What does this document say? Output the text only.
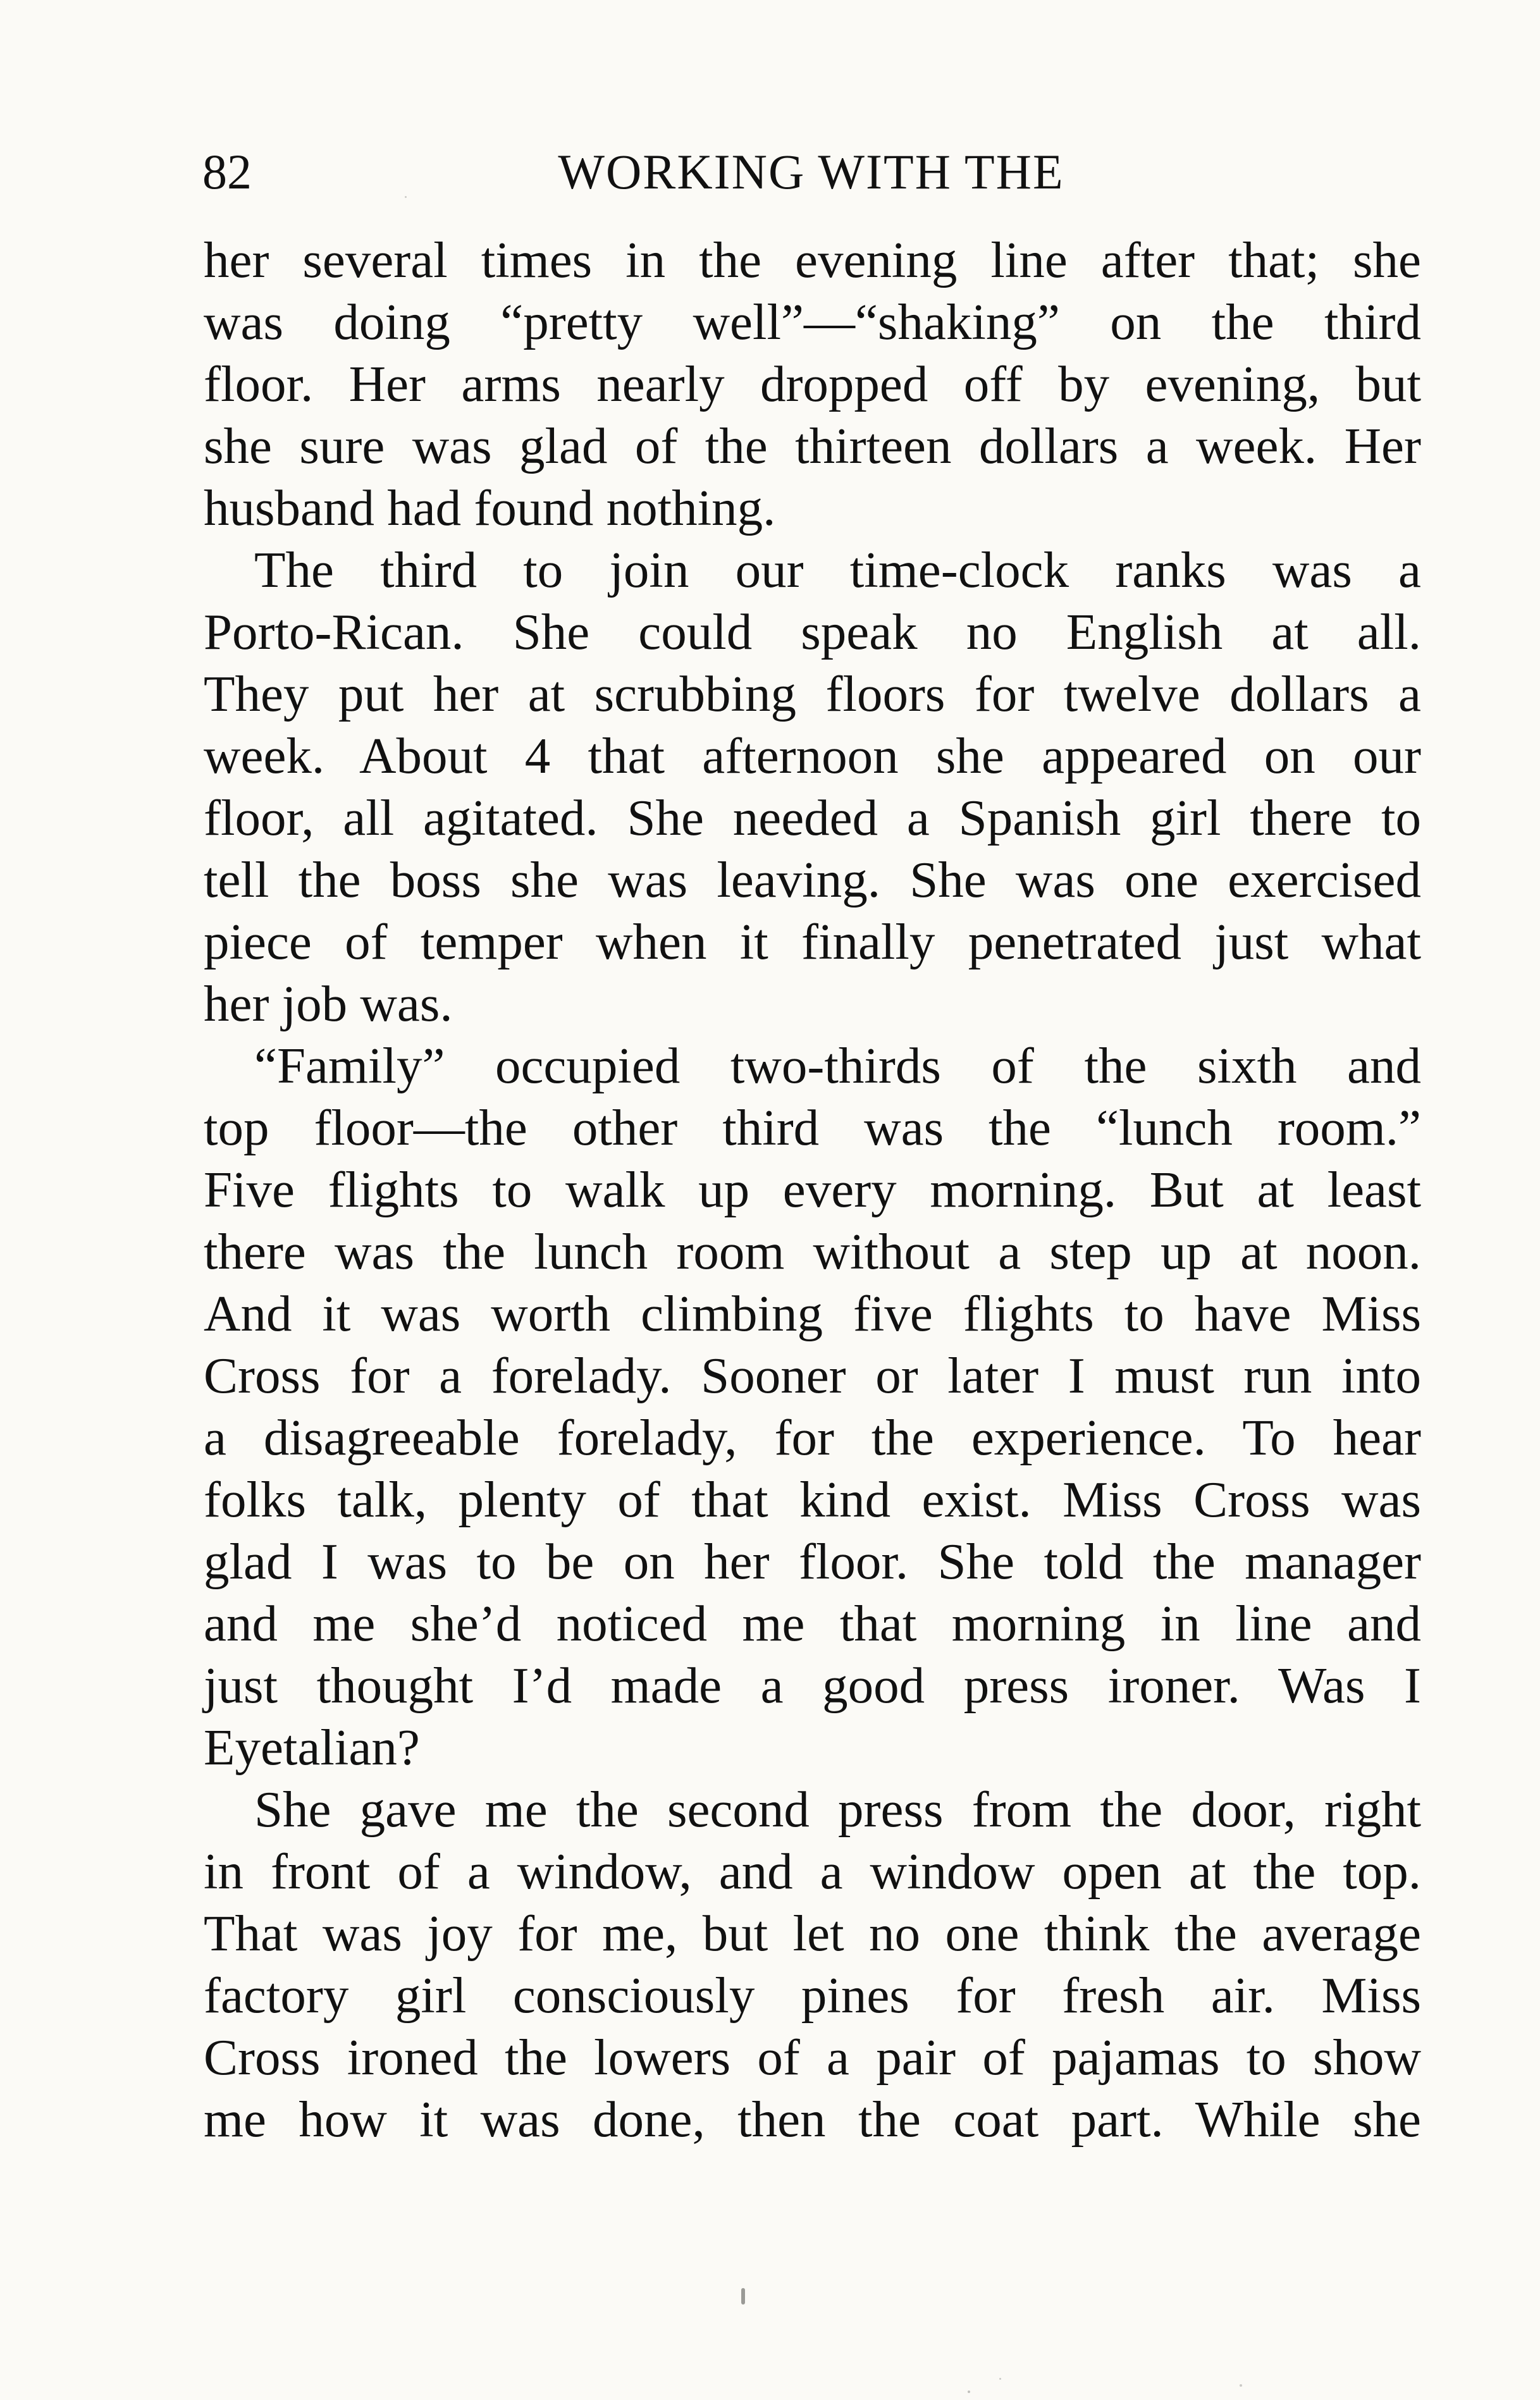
82	WORKING WITH THE
her several times in the evening line after that; she
was doing “pretty well”—“shaking” on the third
floor. Her arms nearly dropped off by evening, but
she sure was glad of the thirteen dollars a week. Her
husband had found nothing.
The third to join our time-clock ranks was a
Porto-Rican. She could speak no English at all.
They put her at scrubbing floors for twelve dollars a
week. About 4 that afternoon she appeared on our
floor, all agitated. She needed a Spanish girl there to
tell the boss she was leaving. She was one exercised
piece of temper when it finally penetrated just what
her job was.
“Family” occupied two-thirds of the sixth and
top floor—the other third was the “lunch room.”
Five flights to walk up every morning. But at least
there was the lunch room without a step up at noon.
And it was worth climbing five flights to have Miss
Cross for a forelady. Sooner or later I must run into
a disagreeable forelady, for the experience. To hear
folks talk, plenty of that kind exist. Miss Cross was
glad I was to be on her floor. She told the manager
and me she’d noticed me that morning in line and
just thought I’d made a good press ironer. Was I
Eyetalian?
She gave me the second press from the door, right
in front of a window, and a window open at the top.
That was joy for me, but let no one think the average
factory girl consciously pines for fresh air. Miss
Cross ironed the lowers of a pair of pajamas to show
me how it was done, then the coat part. While she
